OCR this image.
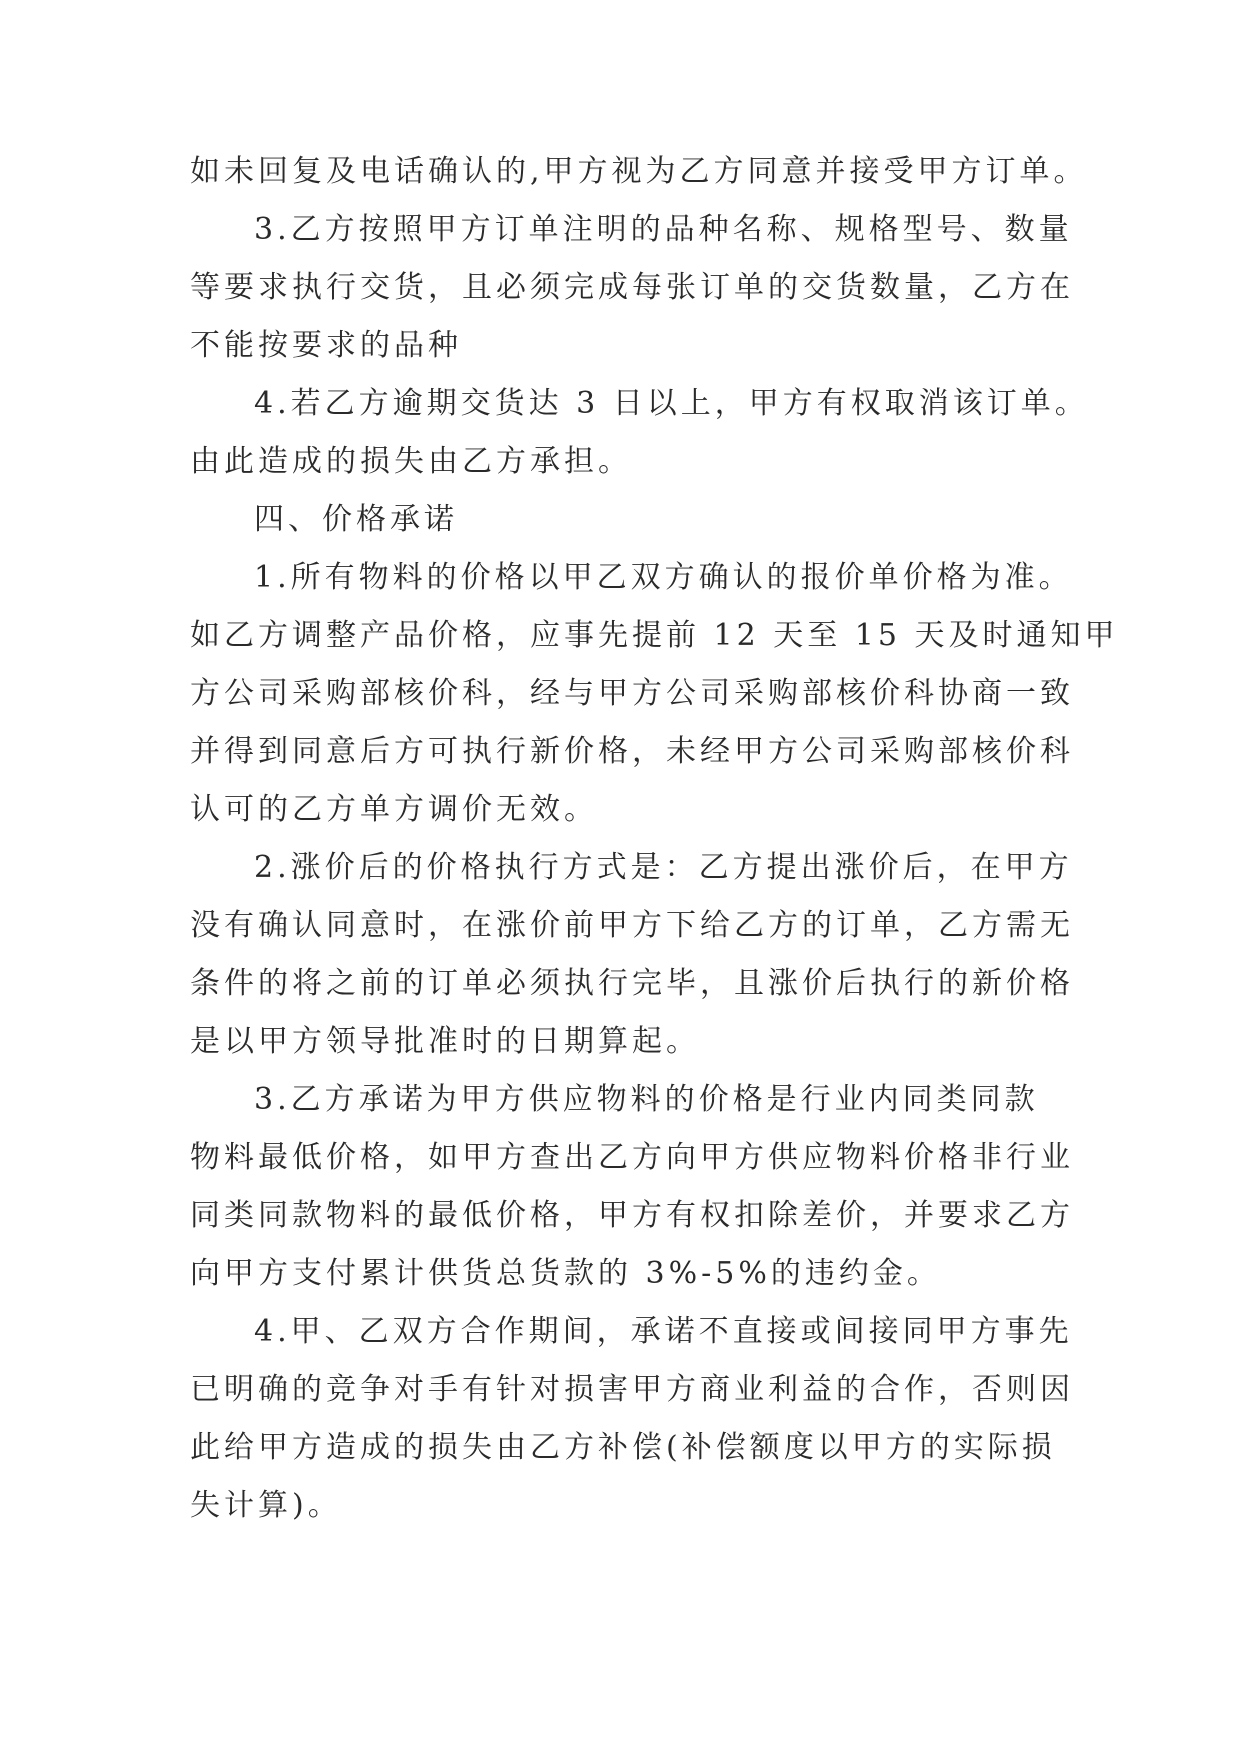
如未回复及电话确认的,甲方视为乙方同意并接受甲方订单。
3.乙方按照甲方订单注明的品种名称、规格型号、数量
等要求执行交货，且必须完成每张订单的交货数量，乙方在
不能按要求的品种
4.若乙方逾期交货达 3 日以上，甲方有权取消该订单。
由此造成的损失由乙方承担。
四、价格承诺
1.所有物料的价格以甲乙双方确认的报价单价格为准。
如乙方调整产品价格，应事先提前 12 天至 15 天及时通知甲
方公司采购部核价科，经与甲方公司采购部核价科协商一致
并得到同意后方可执行新价格，未经甲方公司采购部核价科
认可的乙方单方调价无效。
2.涨价后的价格执行方式是：乙方提出涨价后，在甲方
没有确认同意时，在涨价前甲方下给乙方的订单，乙方需无
条件的将之前的订单必须执行完毕，且涨价后执行的新价格
是以甲方领导批准时的日期算起。
3.乙方承诺为甲方供应物料的价格是行业内同类同款
物料最低价格，如甲方查出乙方向甲方供应物料价格非行业
同类同款物料的最低价格，甲方有权扣除差价，并要求乙方
向甲方支付累计供货总货款的 3%-5%的违约金。
4.甲、乙双方合作期间，承诺不直接或间接同甲方事先
已明确的竞争对手有针对损害甲方商业利益的合作，否则因
此给甲方造成的损失由乙方补偿(补偿额度以甲方的实际损
失计算)。
